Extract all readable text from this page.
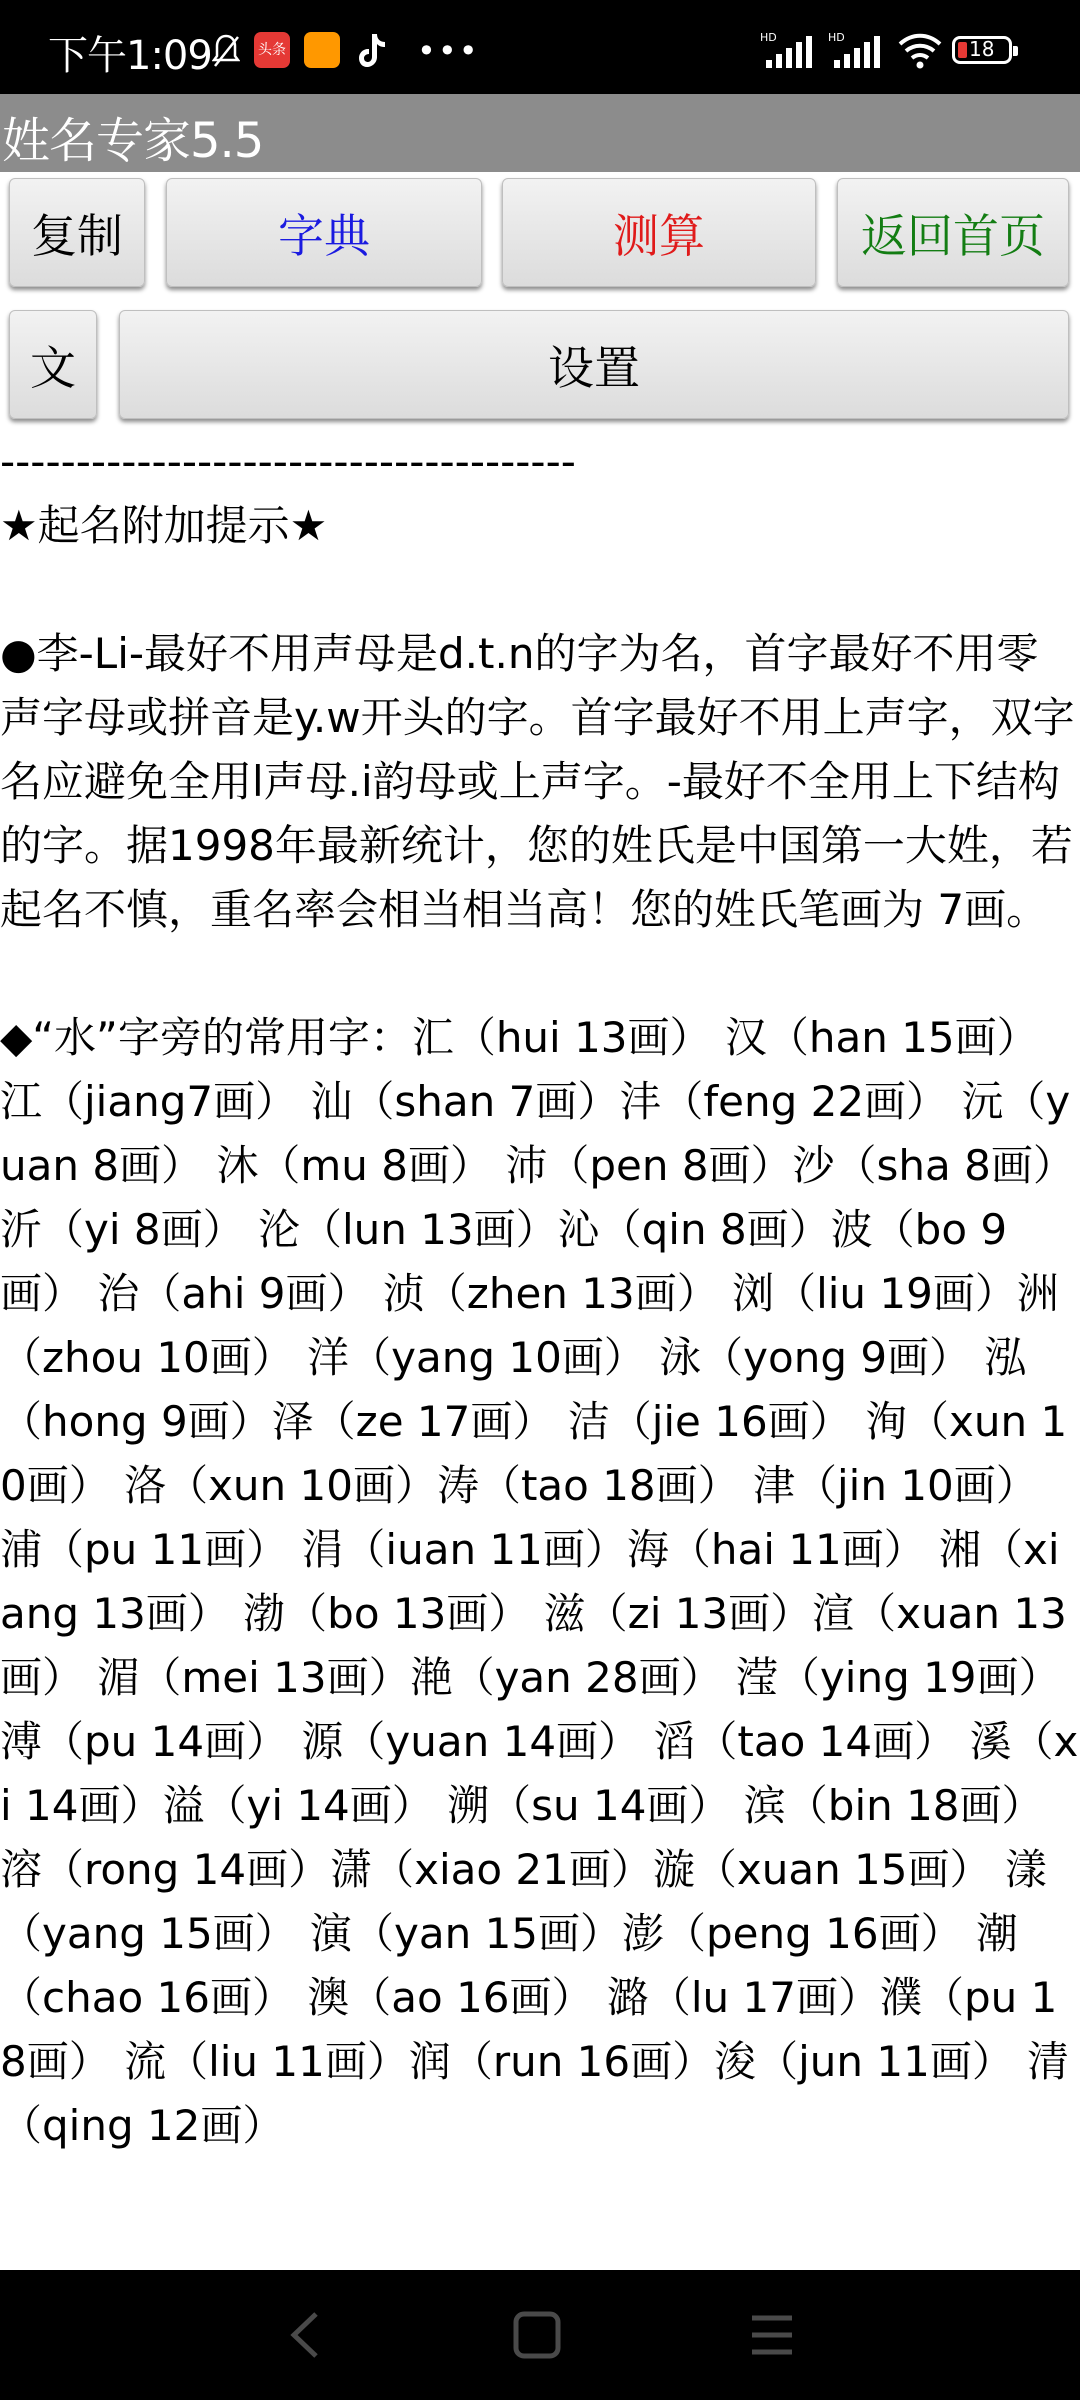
下午1:09	头条	•••	HD	HD	18
姓名专家5.5
复制	字典	测算	返回首页
文	设置
--------------------------------------
★起名附加提示★
●李-Li-最好不用声母是d.t.n的字为名，首字最好不用零声字母或拼音是y.w开头的字。首字最好不用上声字，双字名应避免全用l声母.i韵母或上声字。-最好不全用上下结构的字。据1998年最新统计，您的姓氏是中国第一大姓，若起名不慎，重名率会相当相当高！您的姓氏笔画为 7画。
◆“水”字旁的常用字：汇（hui 13画） 汉（han 15画） 江（jiang7画） 汕（shan 7画）沣（feng 22画） 沅（yuan 8画） 沐（mu 8画） 沛（pen 8画）沙（sha 8画） 沂（yi 8画） 沦（lun 13画）沁（qin 8画）波（bo 9画） 治（ahi 9画） 浈（zhen 13画） 浏（liu 19画）洲（zhou 10画） 洋（yang 10画） 泳（yong 9画） 泓（hong 9画）泽（ze 17画） 洁（jie 16画） 洵（xun 10画） 洛（xun 10画）涛（tao 18画） 津（jin 10画） 浦（pu 11画） 涓（iuan 11画）海（hai 11画） 湘（xiang 13画） 渤（bo 13画） 滋（zi 13画）渲（xuan 13画） 湄（mei 13画）滟（yan 28画） 滢（ying 19画） 溥（pu 14画） 源（yuan 14画） 滔（tao 14画） 溪（xi 14画）溢（yi 14画） 溯（su 14画） 滨（bin 18画） 溶（rong 14画）潇（xiao 21画）漩（xuan 15画） 漾（yang 15画） 演（yan 15画）澎（peng 16画） 潮（chao 16画） 澳（ao 16画） 潞（lu 17画）濮（pu 18画） 流（liu 11画）润（run 16画）浚（jun 11画） 清（qing 12画）
